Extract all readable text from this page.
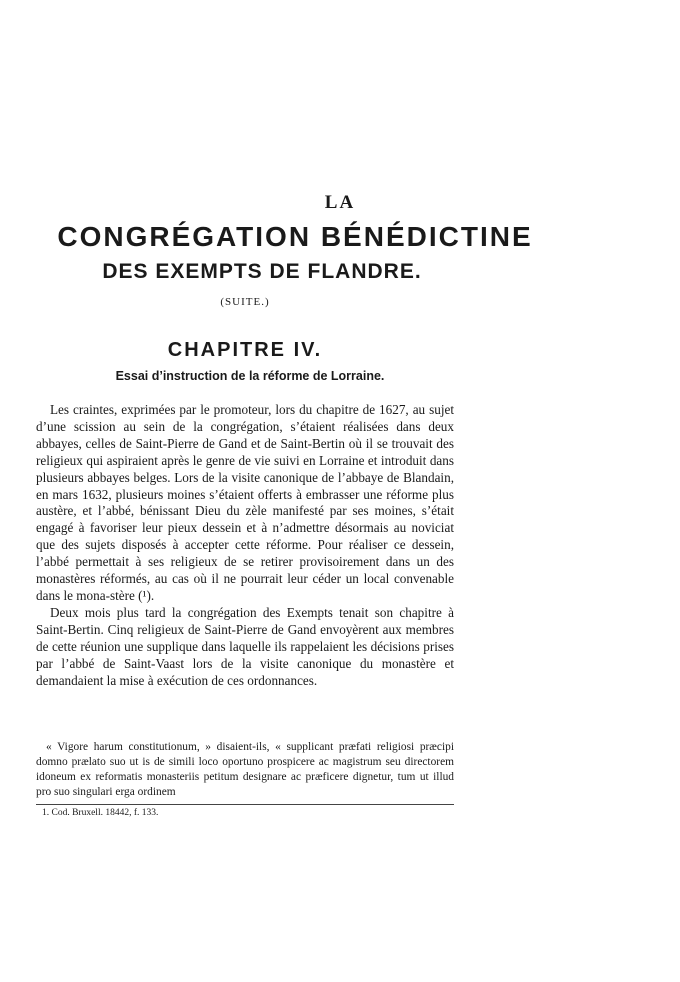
LA
CONGRÉGATION BÉNÉDICTINE
DES EXEMPTS DE FLANDRE.
(SUITE.)
CHAPITRE IV.
Essai d’instruction de la réforme de Lorraine.

Les craintes, exprimées par le promoteur, lors du chapitre de 1627, au sujet d’une scission au sein de la congrégation, s’étaient réalisées dans deux abbayes, celles de Saint-Pierre de Gand et de Saint-Bertin où il se trouvait des religieux qui aspiraient après le genre de vie suivi en Lorraine et introduit dans plusieurs abbayes belges. Lors de la visite canonique de l’abbaye de Blandain, en mars 1632, plusieurs moines s’étaient offerts à embrasser une réforme plus austère, et l’abbé, bénissant Dieu du zèle manifesté par ses moines, s’était engagé à favoriser leur pieux dessein et à n’admettre désormais au noviciat que des sujets disposés à accepter cette réforme. Pour réaliser ce dessein, l’abbé permettait à ses religieux de se retirer provisoirement dans un des monastères réformés, au cas où il ne pourrait leur céder un local convenable dans le mona-stère (¹).

Deux mois plus tard la congrégation des Exempts tenait son chapitre à Saint-Bertin. Cinq religieux de Saint-Pierre de Gand envoyèrent aux membres de cette réunion une supplique dans laquelle ils rappelaient les décisions prises par l’abbé de Saint-Vaast lors de la visite canonique du monastère et demandaient la mise à exécution de ces ordonnances.

« Vigore harum constitutionum, » disaient-ils, « supplicant præfati religiosi præcipi domno prælato suo ut is de simili loco oportuno prospicere ac magistrum seu directorem idoneum ex reformatis monasteriis petitum designare ac præficere dignetur, tum ut illud pro suo singulari erga ordinem

1. Cod. Bruxell. 18442, f. 133.
